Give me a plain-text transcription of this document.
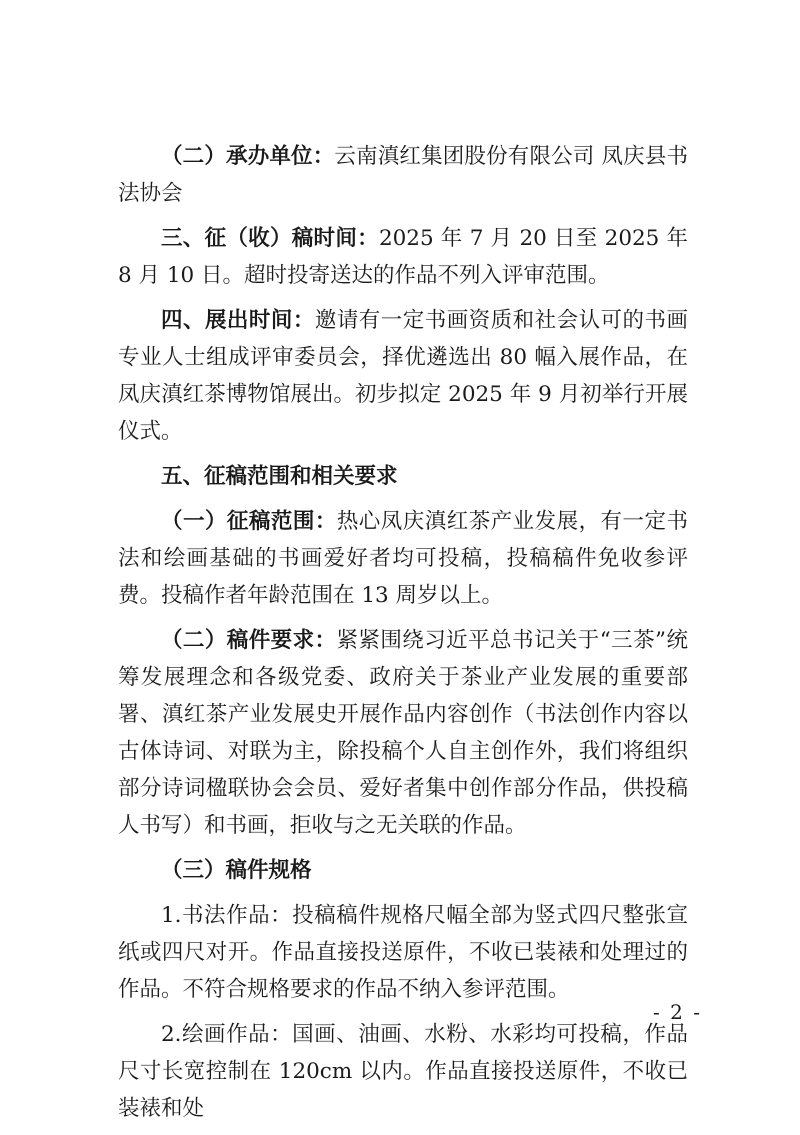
（二）承办单位：云南滇红集团股份有限公司 凤庆县书法协会

三、征（收）稿时间：2025 年 7 月 20 日至 2025 年 8 月 10 日。超时投寄送达的作品不列入评审范围。

四、展出时间：邀请有一定书画资质和社会认可的书画专业人士组成评审委员会，择优遴选出 80 幅入展作品，在凤庆滇红茶博物馆展出。初步拟定 2025 年 9 月初举行开展仪式。

五、征稿范围和相关要求

（一）征稿范围：热心凤庆滇红茶产业发展，有一定书法和绘画基础的书画爱好者均可投稿，投稿稿件免收参评费。投稿作者年龄范围在 13 周岁以上。

（二）稿件要求：紧紧围绕习近平总书记关于“三茶”统筹发展理念和各级党委、政府关于茶业产业发展的重要部署、滇红茶产业发展史开展作品内容创作（书法创作内容以古体诗词、对联为主，除投稿个人自主创作外，我们将组织部分诗词楹联协会会员、爱好者集中创作部分作品，供投稿人书写）和书画，拒收与之无关联的作品。

（三）稿件规格

1.书法作品：投稿稿件规格尺幅全部为竖式四尺整张宣纸或四尺对开。作品直接投送原件，不收已装裱和处理过的作品。不符合规格要求的作品不纳入参评范围。

2.绘画作品：国画、油画、水粉、水彩均可投稿，作品尺寸长宽控制在 120cm 以内。作品直接投送原件，不收已装裱和处

- 2 -
